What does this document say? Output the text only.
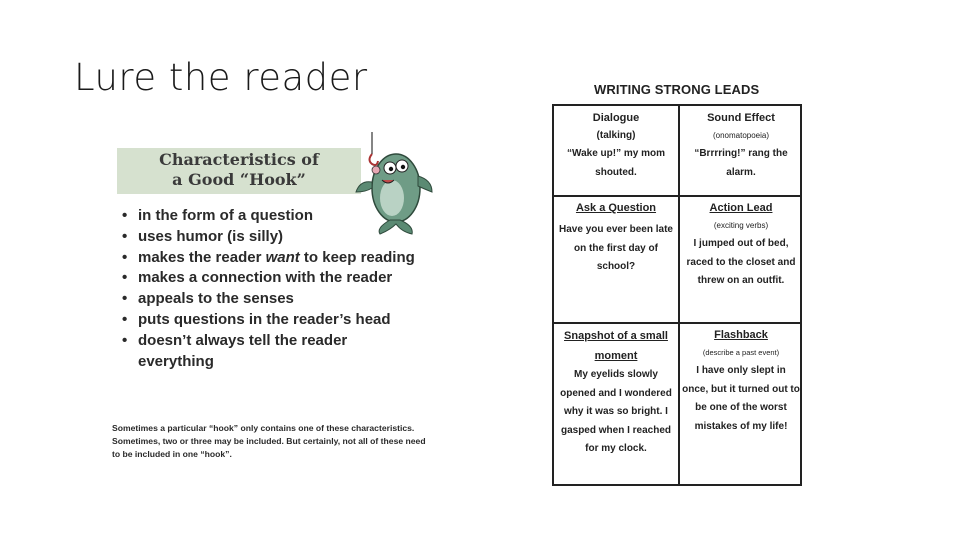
Lure the reader
Characteristics of
a Good “Hook”
• in the form of a question
• uses humor (is silly)
• makes the reader want to keep reading
• makes a connection with the reader
• appeals to the senses
• puts questions in the reader’s head
• doesn’t always tell the reader everything
Sometimes a particular “hook” only contains one of these characteristics. Sometimes, two or three may be included. But certainly, not all of these need to be included in one “hook”.
WRITING STRONG LEADS
Dialogue
(talking)
“Wake up!” my mom shouted.
Sound Effect
(onomatopoeia)
“Brrrring!” rang the alarm.
Ask a Question
Have you ever been late on the first day of school?
Action Lead
(exciting verbs)
I jumped out of bed, raced to the closet and threw on an outfit.
Snapshot of a small moment
My eyelids slowly opened and I wondered why it was so bright. I gasped when I reached for my clock.
Flashback
(describe a past event)
I have only slept in once, but it turned out to be one of the worst mistakes of my life!
